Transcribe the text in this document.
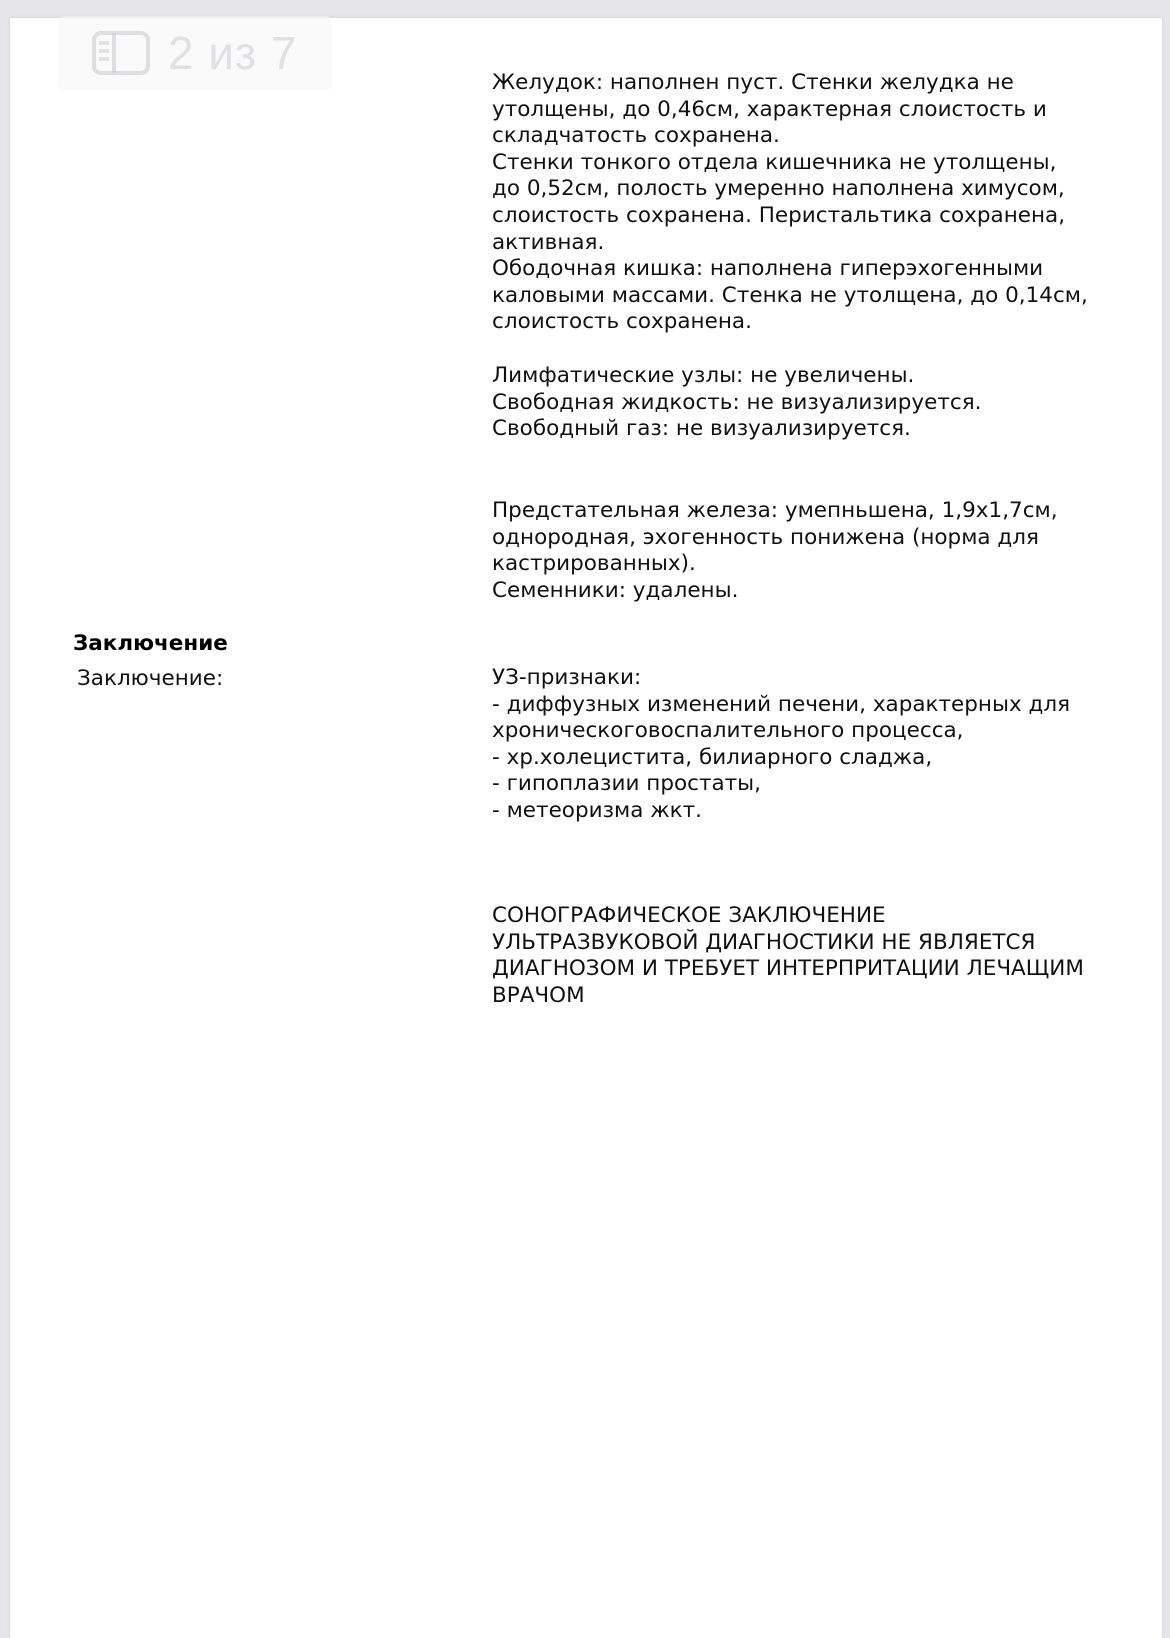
2 из 7
Желудок: наполнен пуст. Стенки желудка не
утолщены, до 0,46см, характерная слоистость и
складчатость сохранена.
Стенки тонкого отдела кишечника не утолщены,
до 0,52см, полость умеренно наполнена химусом,
слоистость сохранена. Перистальтика сохранена,
активная.
Ободочная кишка: наполнена гиперэхогенными
каловыми массами. Стенка не утолщена, до 0,14см,
слоистость сохранена.
Лимфатические узлы: не увеличены.
Свободная жидкость: не визуализируется.
Свободный газ: не визуализируется.
Предстательная железа: умепньшена, 1,9х1,7см,
однородная, эхогенность понижена (норма для
кастрированных).
Семенники: удалены.
Заключение
Заключение:	УЗ-признаки:
- диффузных изменений печени, характерных для
хроническоговоспалительного процесса,
- хр.холецистита, билиарного сладжа,
- гипоплазии простаты,
- метеоризма жкт.
СОНОГРАФИЧЕСКОЕ ЗАКЛЮЧЕНИЕ
УЛЬТРАЗВУКОВОЙ ДИАГНОСТИКИ НЕ ЯВЛЯЕТСЯ
ДИАГНОЗОМ И ТРЕБУЕТ ИНТЕРПРИТАЦИИ ЛЕЧАЩИМ
ВРАЧОМ
